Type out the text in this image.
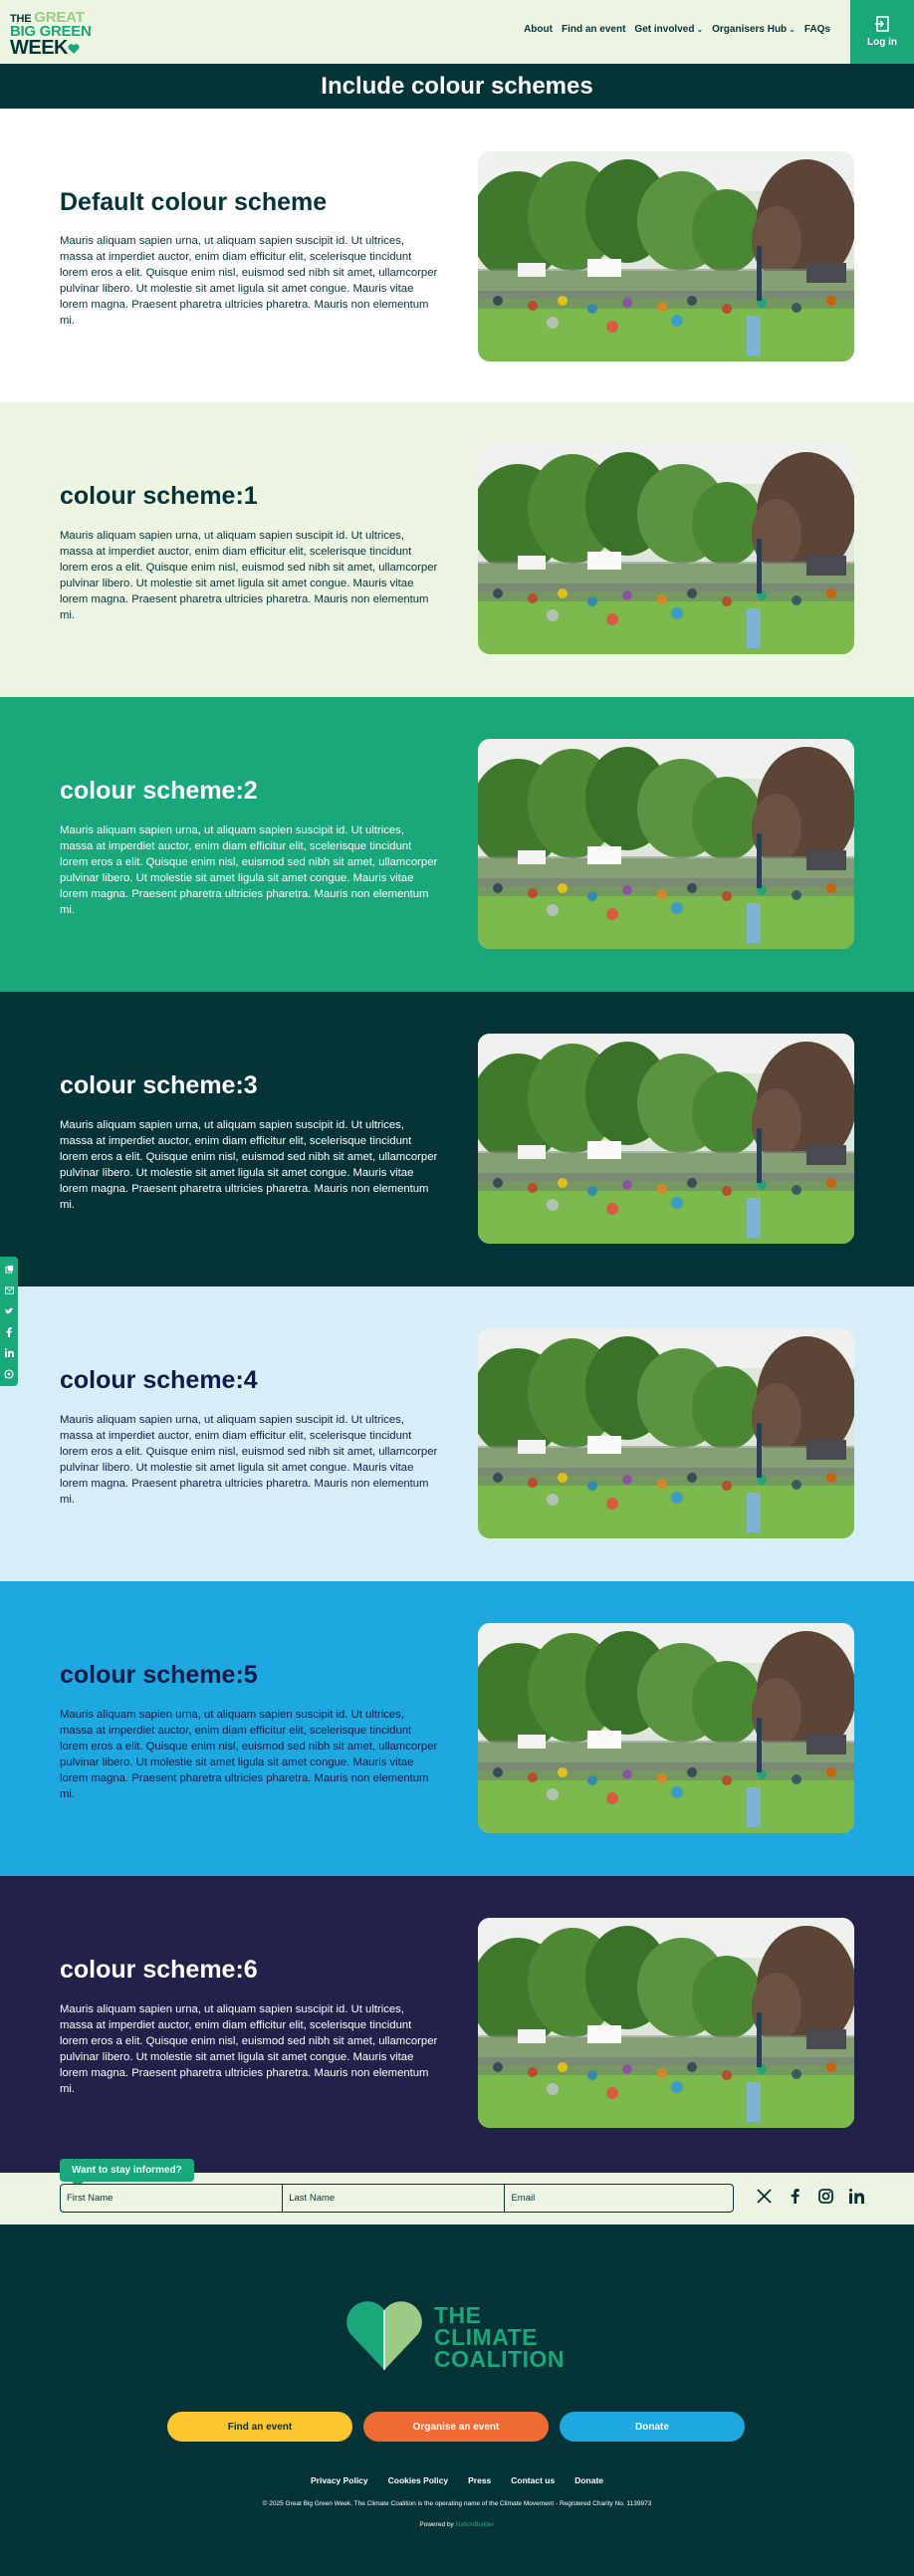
THE GREAT
BIG GREEN
WEEK
About Find an event Get involved ⌄ Organisers Hub ⌄ FAQs
Log in
Include colour schemes
Default colour scheme

Mauris aliquam sapien urna, ut aliquam sapien suscipit id. Ut ultrices, massa at imperdiet auctor, enim diam efficitur elit, scelerisque tincidunt lorem eros a elit. Quisque enim nisl, euismod sed nibh sit amet, ullamcorper pulvinar libero. Ut molestie sit amet ligula sit amet congue. Mauris vitae lorem magna. Praesent pharetra ultricies pharetra. Mauris non elementum mi.

colour scheme:1

Mauris aliquam sapien urna, ut aliquam sapien suscipit id. Ut ultrices, massa at imperdiet auctor, enim diam efficitur elit, scelerisque tincidunt lorem eros a elit. Quisque enim nisl, euismod sed nibh sit amet, ullamcorper pulvinar libero. Ut molestie sit amet ligula sit amet congue. Mauris vitae lorem magna. Praesent pharetra ultricies pharetra. Mauris non elementum mi.

colour scheme:2

Mauris aliquam sapien urna, ut aliquam sapien suscipit id. Ut ultrices, massa at imperdiet auctor, enim diam efficitur elit, scelerisque tincidunt lorem eros a elit. Quisque enim nisl, euismod sed nibh sit amet, ullamcorper pulvinar libero. Ut molestie sit amet ligula sit amet congue. Mauris vitae lorem magna. Praesent pharetra ultricies pharetra. Mauris non elementum mi.

colour scheme:3

Mauris aliquam sapien urna, ut aliquam sapien suscipit id. Ut ultrices, massa at imperdiet auctor, enim diam efficitur elit, scelerisque tincidunt lorem eros a elit. Quisque enim nisl, euismod sed nibh sit amet, ullamcorper pulvinar libero. Ut molestie sit amet ligula sit amet congue. Mauris vitae lorem magna. Praesent pharetra ultricies pharetra. Mauris non elementum mi.

colour scheme:4

Mauris aliquam sapien urna, ut aliquam sapien suscipit id. Ut ultrices, massa at imperdiet auctor, enim diam efficitur elit, scelerisque tincidunt lorem eros a elit. Quisque enim nisl, euismod sed nibh sit amet, ullamcorper pulvinar libero. Ut molestie sit amet ligula sit amet congue. Mauris vitae lorem magna. Praesent pharetra ultricies pharetra. Mauris non elementum mi.

colour scheme:5

Mauris aliquam sapien urna, ut aliquam sapien suscipit id. Ut ultrices, massa at imperdiet auctor, enim diam efficitur elit, scelerisque tincidunt lorem eros a elit. Quisque enim nisl, euismod sed nibh sit amet, ullamcorper pulvinar libero. Ut molestie sit amet ligula sit amet congue. Mauris vitae lorem magna. Praesent pharetra ultricies pharetra. Mauris non elementum mi.

colour scheme:6

Mauris aliquam sapien urna, ut aliquam sapien suscipit id. Ut ultrices, massa at imperdiet auctor, enim diam efficitur elit, scelerisque tincidunt lorem eros a elit. Quisque enim nisl, euismod sed nibh sit amet, ullamcorper pulvinar libero. Ut molestie sit amet ligula sit amet congue. Mauris vitae lorem magna. Praesent pharetra ultricies pharetra. Mauris non elementum mi.

Want to stay informed?
First Name	Last Name	Email
THE
CLIMATE
COALITION
Find an event	Organise an event	Donate
Privacy Policy Cookies Policy Press Contact us Donate
© 2025 Great Big Green Week. The Climate Coalition is the operating name of the Climate Movement - Registered Charity No. 1139973
Powered by NationBuilder
